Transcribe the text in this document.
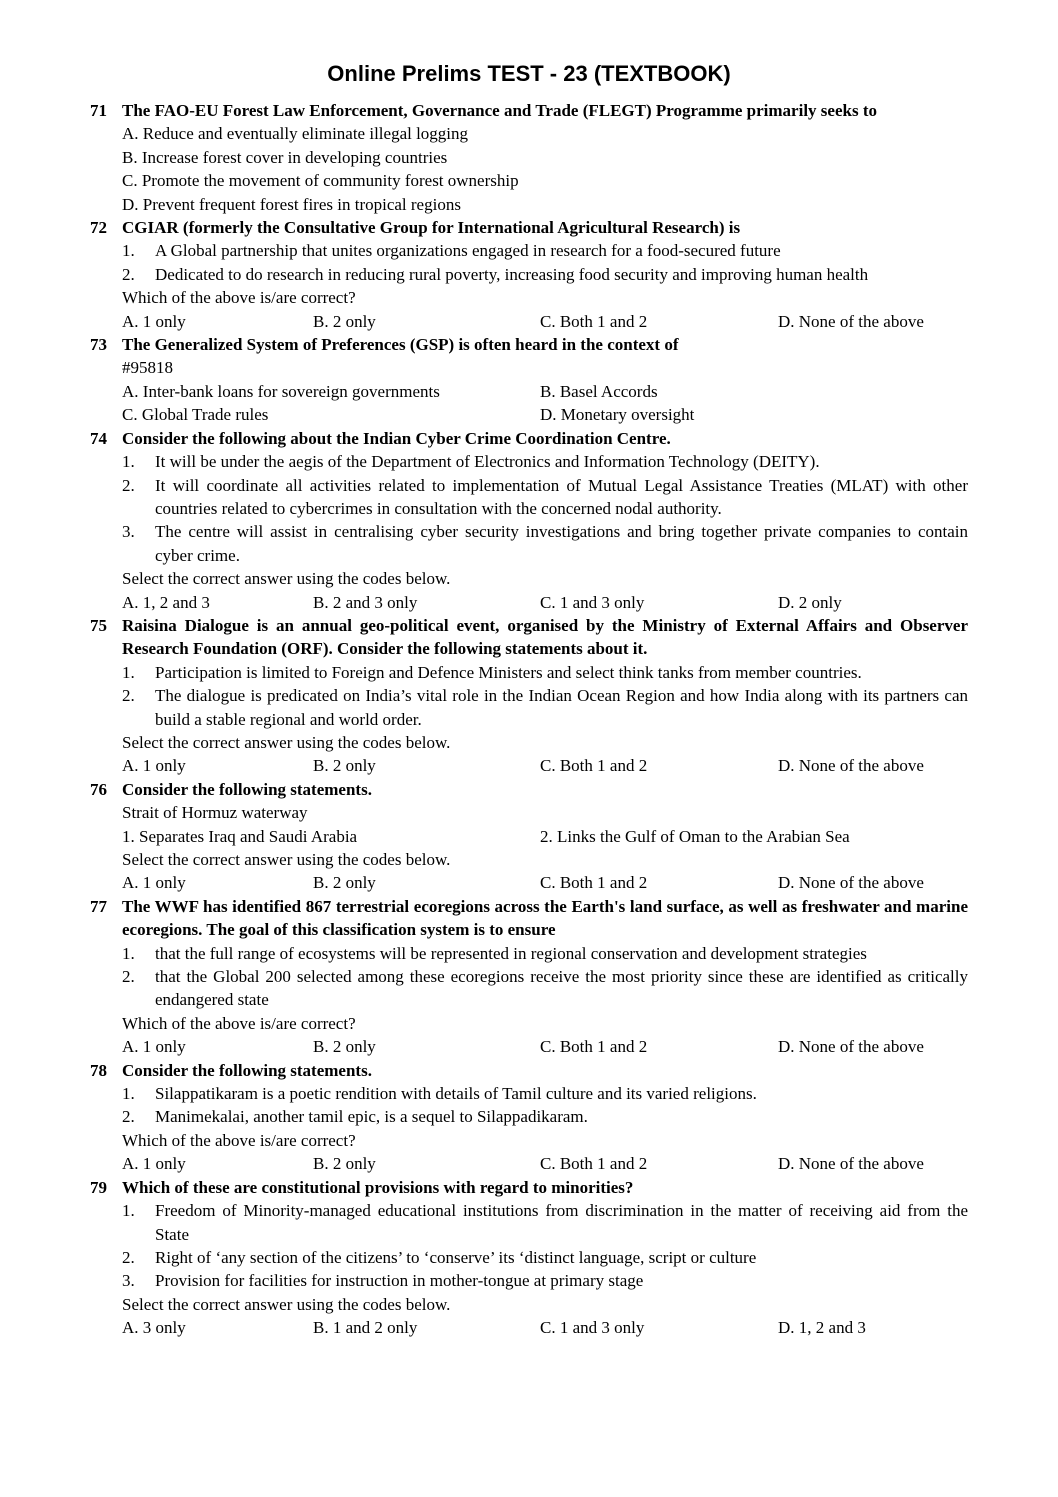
Online Prelims TEST - 23 (TEXTBOOK)
71 The FAO-EU Forest Law Enforcement, Governance and Trade (FLEGT) Programme primarily seeks to
A. Reduce and eventually eliminate illegal logging
B. Increase forest cover in developing countries
C. Promote the movement of community forest ownership
D. Prevent frequent forest fires in tropical regions
72 CGIAR (formerly the Consultative Group for International Agricultural Research) is
1.	A Global partnership that unites organizations engaged in research for a food-secured future
2.	Dedicated to do research in reducing rural poverty, increasing food security and improving human health
Which of the above is/are correct?
A. 1 only	B. 2 only	C. Both 1 and 2	D. None of the above
73 The Generalized System of Preferences (GSP) is often heard in the context of
#95818
A. Inter-bank loans for sovereign governments	B. Basel Accords
C. Global Trade rules	D. Monetary oversight
74 Consider the following about the Indian Cyber Crime Coordination Centre.
1.	It will be under the aegis of the Department of Electronics and Information Technology (DEITY).
2.	It will coordinate all activities related to implementation of Mutual Legal Assistance Treaties (MLAT) with other countries related to cybercrimes in consultation with the concerned nodal authority.
3.	The centre will assist in centralising cyber security investigations and bring together private companies to contain cyber crime.
Select the correct answer using the codes below.
A. 1, 2 and 3	B. 2 and 3 only	C. 1 and 3 only	D. 2 only
75 Raisina Dialogue is an annual geo-political event, organised by the Ministry of External Affairs and Observer Research Foundation (ORF). Consider the following statements about it.
1.	Participation is limited to Foreign and Defence Ministers and select think tanks from member countries.
2.	The dialogue is predicated on India’s vital role in the Indian Ocean Region and how India along with its partners can build a stable regional and world order.
Select the correct answer using the codes below.
A. 1 only	B. 2 only	C. Both 1 and 2	D. None of the above
76 Consider the following statements.
Strait of Hormuz waterway
1. Separates Iraq and Saudi Arabia	2. Links the Gulf of Oman to the Arabian Sea
Select the correct answer using the codes below.
A. 1 only	B. 2 only	C. Both 1 and 2	D. None of the above
77 The WWF has identified 867 terrestrial ecoregions across the Earth's land surface, as well as freshwater and marine ecoregions. The goal of this classification system is to ensure
1.	that the full range of ecosystems will be represented in regional conservation and development strategies
2.	that the Global 200 selected among these ecoregions receive the most priority since these are identified as critically endangered state
Which of the above is/are correct?
A. 1 only	B. 2 only	C. Both 1 and 2	D. None of the above
78 Consider the following statements.
1.	Silappatikaram is a poetic rendition with details of Tamil culture and its varied religions.
2.	Manimekalai, another tamil epic, is a sequel to Silappadikaram.
Which of the above is/are correct?
A. 1 only	B. 2 only	C. Both 1 and 2	D. None of the above
79 Which of these are constitutional provisions with regard to minorities?
1.	Freedom of Minority-managed educational institutions from discrimination in the matter of receiving aid from the State
2.	Right of ‘any section of the citizens’ to ‘conserve’ its ‘distinct language, script or culture
3.	Provision for facilities for instruction in mother-tongue at primary stage
Select the correct answer using the codes below.
A. 3 only	B. 1 and 2 only	C. 1 and 3 only	D. 1, 2 and 3
